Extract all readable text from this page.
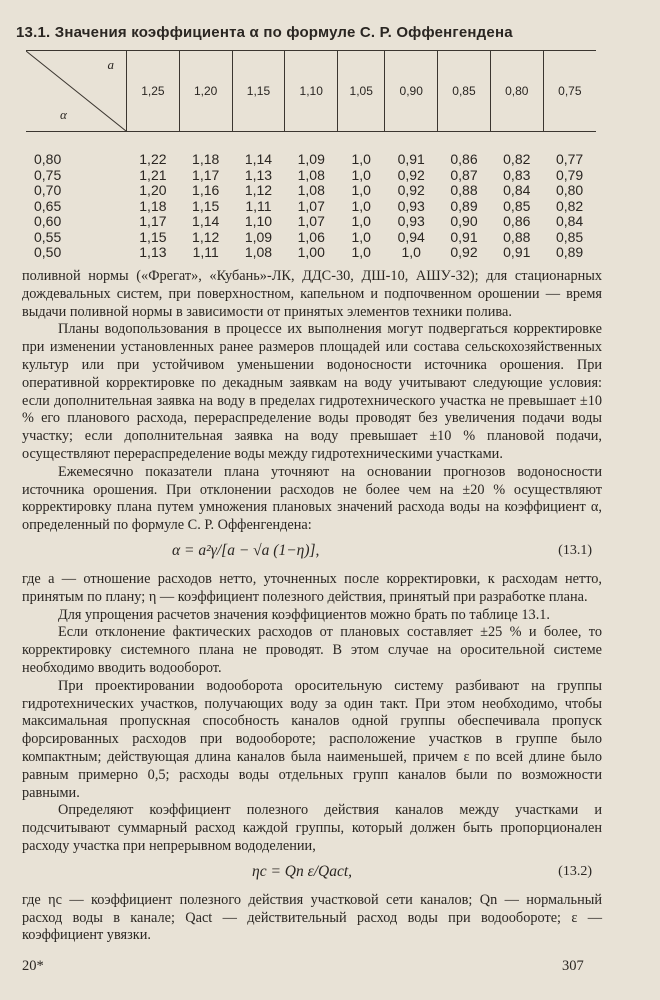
13.1. Значения коэффициента α по формуле С. Р. Оффенгендена
a
α	1,25	1,20	1,15	1,10	1,05	0,90	0,85	0,80	0,75
0,80	1,22	1,18	1,14	1,09	1,0	0,91	0,86	0,82	0,77
0,75	1,21	1,17	1,13	1,08	1,0	0,92	0,87	0,83	0,79
0,70	1,20	1,16	1,12	1,08	1,0	0,92	0,88	0,84	0,80
0,65	1,18	1,15	1,11	1,07	1,0	0,93	0,89	0,85	0,82
0,60	1,17	1,14	1,10	1,07	1,0	0,93	0,90	0,86	0,84
0,55	1,15	1,12	1,09	1,06	1,0	0,94	0,91	0,88	0,85
0,50	1,13	1,11	1,08	1,00	1,0	1,0	0,92	0,91	0,89

поливной нормы («Фрегат», «Кубань»-ЛК, ДДС-30, ДШ-10, АШУ-32); для стационарных дождевальных систем, при поверхностном, капельном и подпочвенном орошении — время выдачи поливной нормы в зависимости от принятых элементов техники полива.

Планы водопользования в процессе их выполнения могут подвергаться корректировке при изменении установленных ранее размеров площадей или состава сельскохозяйственных культур или при устойчивом уменьшении водоносности источника орошения. При оперативной корректировке по декадным заявкам на воду учитывают следующие условия: если дополнительная заявка на воду в пределах гидротехнического участка не превышает ±10 % его планового расхода, перераспределение воды проводят без увеличения подачи воды участку; если дополнительная заявка на воду превышает ±10 % плановой подачи, осуществляют перераспределение воды между гидротехническими участками.

Ежемесячно показатели плана уточняют на основании прогнозов водоносности источника орошения. При отклонении расходов не более чем на ±20 % осуществляют корректировку плана путем умножения плановых значений расхода воды на коэффициент α, определенный по формуле С. Р. Оффенгендена:

α = a²γ/[a − √a (1−η)],	(13.1)

где a — отношение расходов нетто, уточненных после корректировки, к расходам нетто, принятым по плану; η — коэффициент полезного действия, принятый при разработке плана.

Для упрощения расчетов значения коэффициентов можно брать по таблице 13.1.

Если отклонение фактических расходов от плановых составляет ±25 % и более, то корректировку системного плана не проводят. В этом случае на оросительной системе необходимо вводить водооборот.

При проектировании водооборота оросительную систему разбивают на группы гидротехнических участков, получающих воду за один такт. При этом необходимо, чтобы максимальная пропускная способность каналов одной группы обеспечивала пропуск форсированных расходов при водообороте; расположение участков в группе было компактным; действующая длина каналов была наименьшей, причем ε по всей длине было равным примерно 0,5; расходы воды отдельных групп каналов были по возможности равными.

Определяют коэффициент полезного действия каналов между участками и подсчитывают суммарный расход каждой группы, который должен быть пропорционален расходу участка при непрерывном вододелении,

ηc = Qn ε/Qact,	(13.2)

где ηc — коэффициент полезного действия участковой сети каналов; Qn — нормальный расход воды в канале; Qact — действительный расход воды при водообороте; ε — коэффициент увязки.

20*	307
